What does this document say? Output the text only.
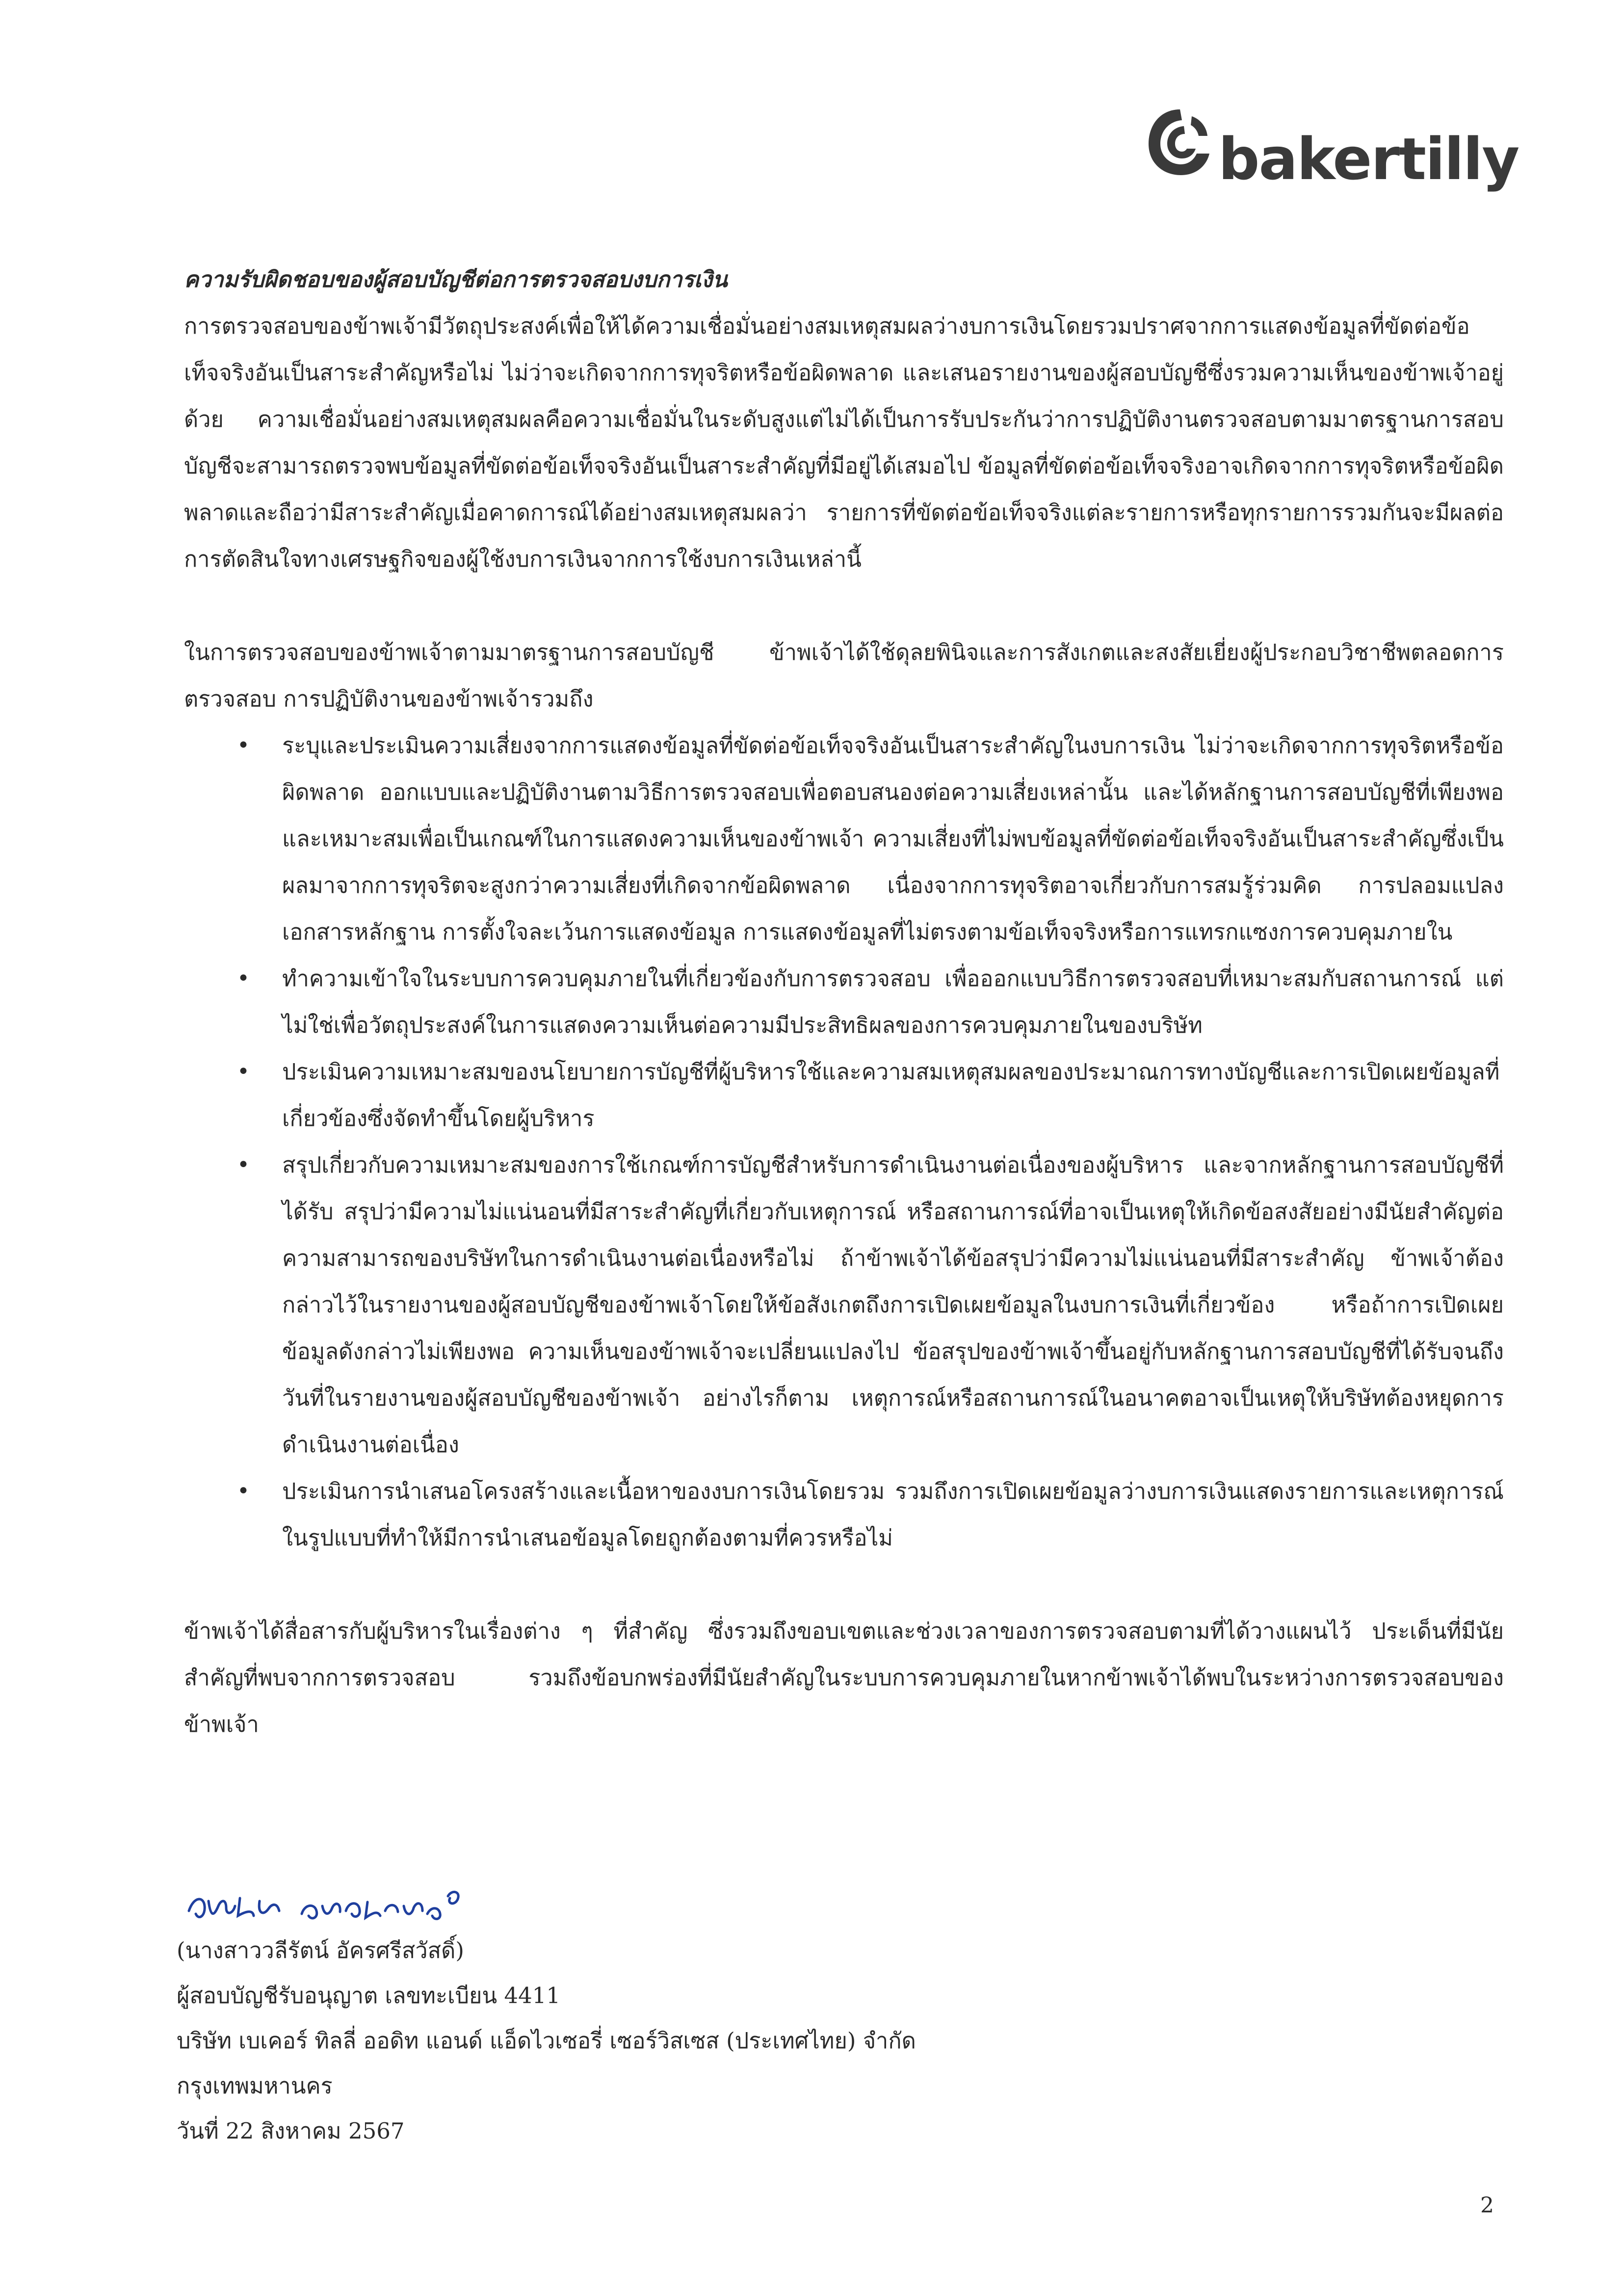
bakertilly

ความรับผิดชอบของผู้สอบบัญชีต่อการตรวจสอบงบการเงิน

การตรวจสอบของข้าพเจ้ามีวัตถุประสงค์เพื่อให้ได้ความเชื่อมั่นอย่างสมเหตุสมผลว่างบการเงินโดยรวมปราศจากการแสดงข้อมูลที่ขัดต่อข้อเท็จจริงอันเป็นสาระสำคัญหรือไม่ ไม่ว่าจะเกิดจากการทุจริตหรือข้อผิดพลาด และเสนอรายงานของผู้สอบบัญชีซึ่งรวมความเห็นของข้าพเจ้าอยู่ด้วย ความเชื่อมั่นอย่างสมเหตุสมผลคือความเชื่อมั่นในระดับสูงแต่ไม่ได้เป็นการรับประกันว่าการปฏิบัติงานตรวจสอบตามมาตรฐานการสอบบัญชีจะสามารถตรวจพบข้อมูลที่ขัดต่อข้อเท็จจริงอันเป็นสาระสำคัญที่มีอยู่ได้เสมอไป ข้อมูลที่ขัดต่อข้อเท็จจริงอาจเกิดจากการทุจริตหรือข้อผิดพลาดและถือว่ามีสาระสำคัญเมื่อคาดการณ์ได้อย่างสมเหตุสมผลว่า รายการที่ขัดต่อข้อเท็จจริงแต่ละรายการหรือทุกรายการรวมกันจะมีผลต่อการตัดสินใจทางเศรษฐกิจของผู้ใช้งบการเงินจากการใช้งบการเงินเหล่านี้

ในการตรวจสอบของข้าพเจ้าตามมาตรฐานการสอบบัญชี ข้าพเจ้าได้ใช้ดุลยพินิจและการสังเกตและสงสัยเยี่ยงผู้ประกอบวิชาชีพตลอดการตรวจสอบ การปฏิบัติงานของข้าพเจ้ารวมถึง

• ระบุและประเมินความเสี่ยงจากการแสดงข้อมูลที่ขัดต่อข้อเท็จจริงอันเป็นสาระสำคัญในงบการเงิน ไม่ว่าจะเกิดจากการทุจริตหรือข้อผิดพลาด ออกแบบและปฏิบัติงานตามวิธีการตรวจสอบเพื่อตอบสนองต่อความเสี่ยงเหล่านั้น และได้หลักฐานการสอบบัญชีที่เพียงพอและเหมาะสมเพื่อเป็นเกณฑ์ในการแสดงความเห็นของข้าพเจ้า ความเสี่ยงที่ไม่พบข้อมูลที่ขัดต่อข้อเท็จจริงอันเป็นสาระสำคัญซึ่งเป็นผลมาจากการทุจริตจะสูงกว่าความเสี่ยงที่เกิดจากข้อผิดพลาด เนื่องจากการทุจริตอาจเกี่ยวกับการสมรู้ร่วมคิด การปลอมแปลงเอกสารหลักฐาน การตั้งใจละเว้นการแสดงข้อมูล การแสดงข้อมูลที่ไม่ตรงตามข้อเท็จจริงหรือการแทรกแซงการควบคุมภายใน
• ทำความเข้าใจในระบบการควบคุมภายในที่เกี่ยวข้องกับการตรวจสอบ เพื่อออกแบบวิธีการตรวจสอบที่เหมาะสมกับสถานการณ์ แต่ไม่ใช่เพื่อวัตถุประสงค์ในการแสดงความเห็นต่อความมีประสิทธิผลของการควบคุมภายในของบริษัท
• ประเมินความเหมาะสมของนโยบายการบัญชีที่ผู้บริหารใช้และความสมเหตุสมผลของประมาณการทางบัญชีและการเปิดเผยข้อมูลที่เกี่ยวข้องซึ่งจัดทำขึ้นโดยผู้บริหาร
• สรุปเกี่ยวกับความเหมาะสมของการใช้เกณฑ์การบัญชีสำหรับการดำเนินงานต่อเนื่องของผู้บริหาร และจากหลักฐานการสอบบัญชีที่ได้รับ สรุปว่ามีความไม่แน่นอนที่มีสาระสำคัญที่เกี่ยวกับเหตุการณ์ หรือสถานการณ์ที่อาจเป็นเหตุให้เกิดข้อสงสัยอย่างมีนัยสำคัญต่อความสามารถของบริษัทในการดำเนินงานต่อเนื่องหรือไม่ ถ้าข้าพเจ้าได้ข้อสรุปว่ามีความไม่แน่นอนที่มีสาระสำคัญ ข้าพเจ้าต้องกล่าวไว้ในรายงานของผู้สอบบัญชีของข้าพเจ้าโดยให้ข้อสังเกตถึงการเปิดเผยข้อมูลในงบการเงินที่เกี่ยวข้อง หรือถ้าการเปิดเผยข้อมูลดังกล่าวไม่เพียงพอ ความเห็นของข้าพเจ้าจะเปลี่ยนแปลงไป ข้อสรุปของข้าพเจ้าขึ้นอยู่กับหลักฐานการสอบบัญชีที่ได้รับจนถึงวันที่ในรายงานของผู้สอบบัญชีของข้าพเจ้า อย่างไรก็ตาม เหตุการณ์หรือสถานการณ์ในอนาคตอาจเป็นเหตุให้บริษัทต้องหยุดการดำเนินงานต่อเนื่อง
• ประเมินการนำเสนอโครงสร้างและเนื้อหาของงบการเงินโดยรวม รวมถึงการเปิดเผยข้อมูลว่างบการเงินแสดงรายการและเหตุการณ์ในรูปแบบที่ทำให้มีการนำเสนอข้อมูลโดยถูกต้องตามที่ควรหรือไม่

ข้าพเจ้าได้สื่อสารกับผู้บริหารในเรื่องต่าง ๆ ที่สำคัญ ซึ่งรวมถึงขอบเขตและช่วงเวลาของการตรวจสอบตามที่ได้วางแผนไว้ ประเด็นที่มีนัยสำคัญที่พบจากการตรวจสอบ รวมถึงข้อบกพร่องที่มีนัยสำคัญในระบบการควบคุมภายในหากข้าพเจ้าได้พบในระหว่างการตรวจสอบของข้าพเจ้า

(นางสาววลีรัตน์ อัครศรีสวัสดิ์)
ผู้สอบบัญชีรับอนุญาต เลขทะเบียน 4411
บริษัท เบเคอร์ ทิลลี่ ออดิท แอนด์ แอ็ดไวเซอรี่ เซอร์วิสเซส (ประเทศไทย) จำกัด
กรุงเทพมหานคร
วันที่ 22 สิงหาคม 2567
2
